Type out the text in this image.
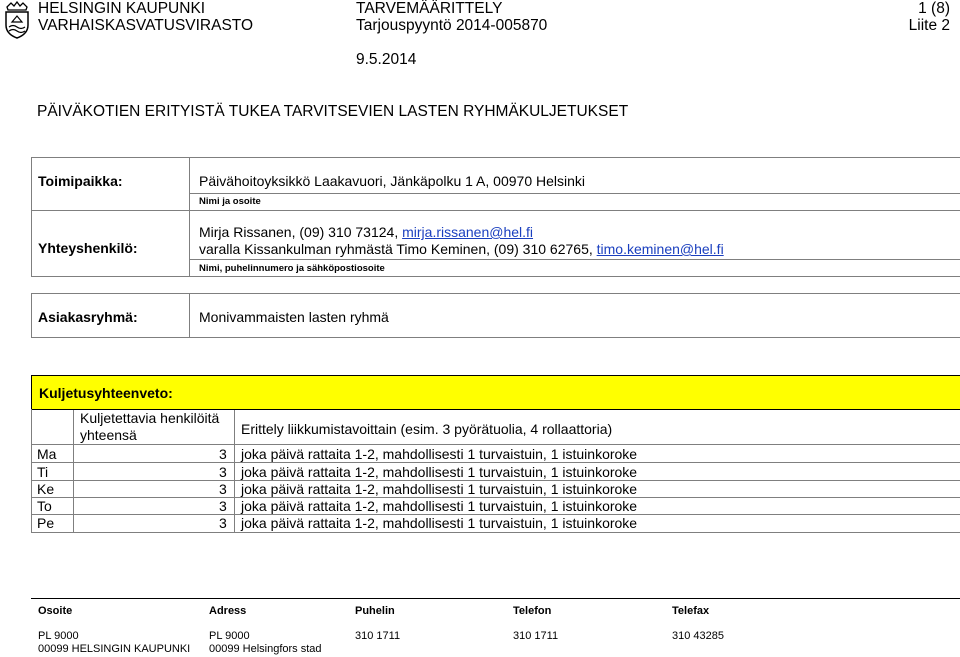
HELSINGIN KAUPUNKI
VARHAISKASVATUSVIRASTO
TARVEMÄÄRITTELY
Tarjouspyyntö 2014-005870
1 (8)
Liite 2
9.5.2014
PÄIVÄKOTIEN ERITYISTÄ TUKEA TARVITSEVIEN LASTEN RYHMÄKULJETUKSET
Toimipaikka:	Päivähoitoyksikkö Laakavuori, Jänkäpolku 1 A, 00970 Helsinki
Nimi ja osoite
Yhteyshenkilö:
Mirja Rissanen, (09) 310 73124, mirja.rissanen@hel.fi
varalla Kissankulman ryhmästä Timo Keminen, (09) 310 62765, timo.keminen@hel.fi
Nimi, puhelinnumero ja sähköpostiosoite
Asiakasryhmä:	Monivammaisten lasten ryhmä
Kuljetusyhteenveto:
Kuljetettavia henkilöitä
yhteensä	Erittely liikkumistavoittain (esim. 3 pyörätuolia, 4 rollaattoria)
Ma	3 joka päivä rattaita 1-2, mahdollisesti 1 turvaistuin, 1 istuinkoroke
Ti	3 joka päivä rattaita 1-2, mahdollisesti 1 turvaistuin, 1 istuinkoroke
Ke	3 joka päivä rattaita 1-2, mahdollisesti 1 turvaistuin, 1 istuinkoroke
To	3 joka päivä rattaita 1-2, mahdollisesti 1 turvaistuin, 1 istuinkoroke
Pe	3 joka päivä rattaita 1-2, mahdollisesti 1 turvaistuin, 1 istuinkoroke
Osoite	Adress	Puhelin	Telefon	Telefax
PL 9000
00099 HELSINGIN KAUPUNKI
PL 9000
00099 Helsingfors stad
310 1711	310 1711	310 43285
